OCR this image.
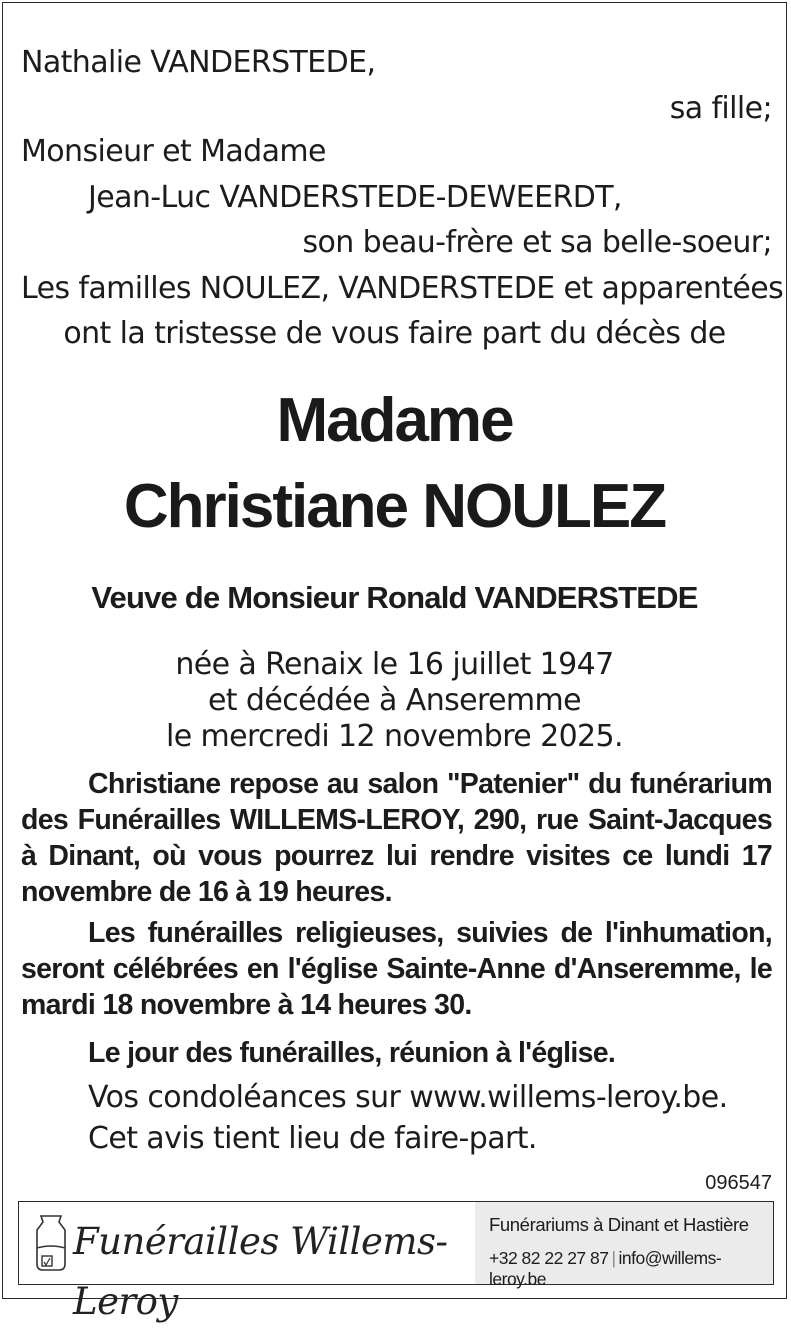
Nathalie VANDERSTEDE,
sa fille;
Monsieur et Madame
Jean-Luc VANDERSTEDE-DEWEERDT,
son beau-frère et sa belle-soeur;
Les familles NOULEZ, VANDERSTEDE et apparentées
ont la tristesse de vous faire part du décès de
Madame
Christiane NOULEZ
Veuve de Monsieur Ronald VANDERSTEDE
née à Renaix le 16 juillet 1947
et décédée à Anseremme
le mercredi 12 novembre 2025.
Christiane repose au salon "Patenier" du funérarium des Funérailles WILLEMS-LEROY, 290, rue Saint-Jacques à Dinant, où vous pourrez lui rendre visites ce lundi 17 novembre de 16 à 19 heures.
Les funérailles religieuses, suivies de l'inhumation, seront célébrées en l'église Sainte-Anne d'Anseremme, le mardi 18 novembre à 14 heures 30.
Le jour des funérailles, réunion à l'église.
Vos condoléances sur www.willems-leroy.be.
Cet avis tient lieu de faire-part.
096547
Funérailles Willems-Leroy
Funérariums à Dinant et Hastière
+32 82 22 27 87 | info@willems-leroy.be
